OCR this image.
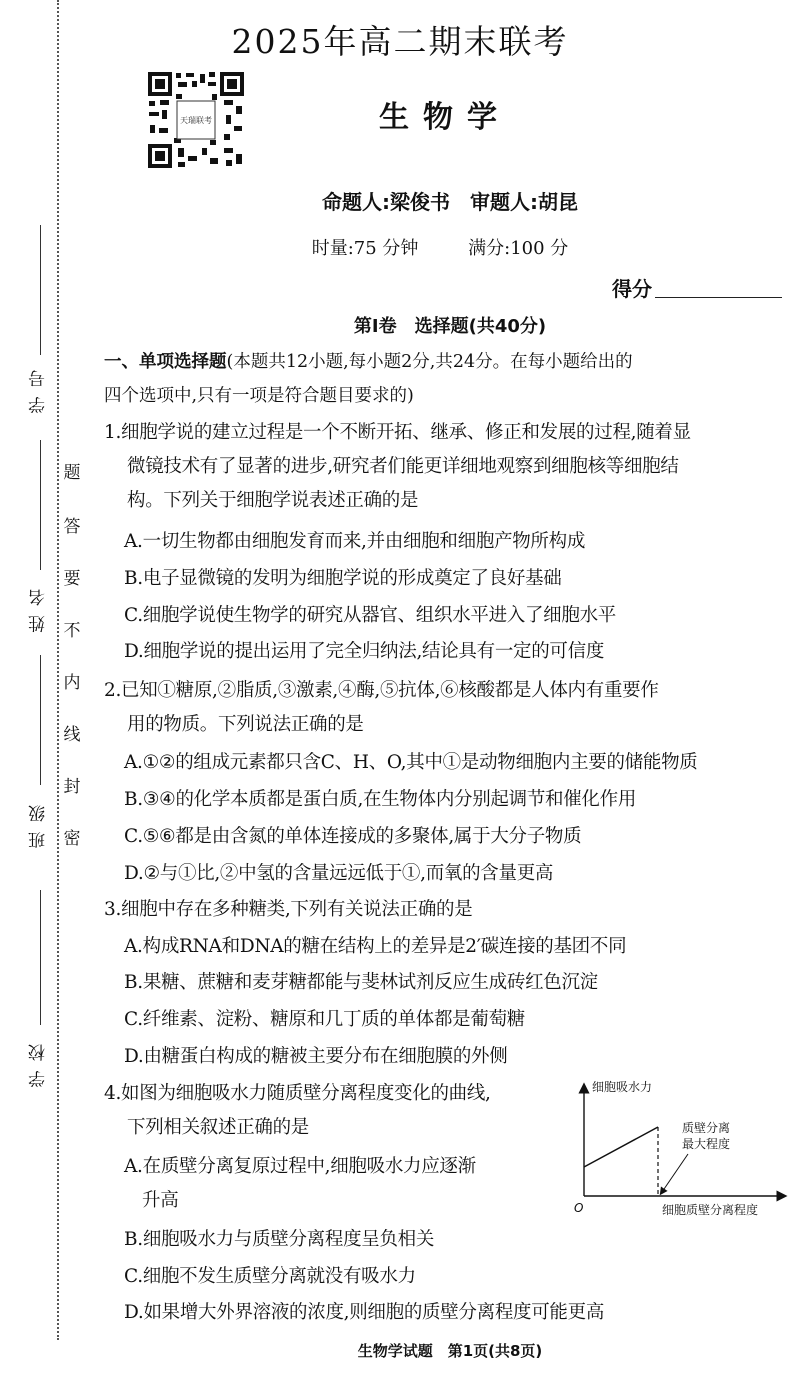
学 号
姓 名
班 级
学 校
题
答
要
不
内
线
封
密
2025年高二期末联考
天瑞联考	生物学
命题人:梁俊书　审题人:胡昆
时量:75 分钟	满分:100 分
得分
第Ⅰ卷　选择题(共40分)
一、单项选择题(本题共12小题,每小题2分,共24分。在每小题给出的
四个选项中,只有一项是符合题目要求的)
1.细胞学说的建立过程是一个不断开拓、继承、修正和发展的过程,随着显
微镜技术有了显著的进步,研究者们能更详细地观察到细胞核等细胞结
构。下列关于细胞学说表述正确的是
A.一切生物都由细胞发育而来,并由细胞和细胞产物所构成
B.电子显微镜的发明为细胞学说的形成奠定了良好基础
C.细胞学说使生物学的研究从器官、组织水平进入了细胞水平
D.细胞学说的提出运用了完全归纳法,结论具有一定的可信度
2.已知①糖原,②脂质,③激素,④酶,⑤抗体,⑥核酸都是人体内有重要作
用的物质。下列说法正确的是
A.①②的组成元素都只含C、H、O,其中①是动物细胞内主要的储能物质
B.③④的化学本质都是蛋白质,在生物体内分别起调节和催化作用
C.⑤⑥都是由含氮的单体连接成的多聚体,属于大分子物质
D.②与①比,②中氢的含量远远低于①,而氧的含量更高
3.细胞中存在多种糖类,下列有关说法正确的是
A.构成RNA和DNA的糖在结构上的差异是2′碳连接的基团不同
B.果糖、蔗糖和麦芽糖都能与斐林试剂反应生成砖红色沉淀
C.纤维素、淀粉、糖原和几丁质的单体都是葡萄糖
D.由糖蛋白构成的糖被主要分布在细胞膜的外侧
4.如图为细胞吸水力随质壁分离程度变化的曲线,
下列相关叙述正确的是
A.在质壁分离复原过程中,细胞吸水力应逐渐
升高
B.细胞吸水力与质壁分离程度呈负相关
C.细胞不发生质壁分离就没有吸水力
D.如果增大外界溶液的浓度,则细胞的质壁分离程度可能更高
细胞吸水力
O	细胞质壁分离程度
质壁分离
最大程度
生物学试题　第1页(共8页)
